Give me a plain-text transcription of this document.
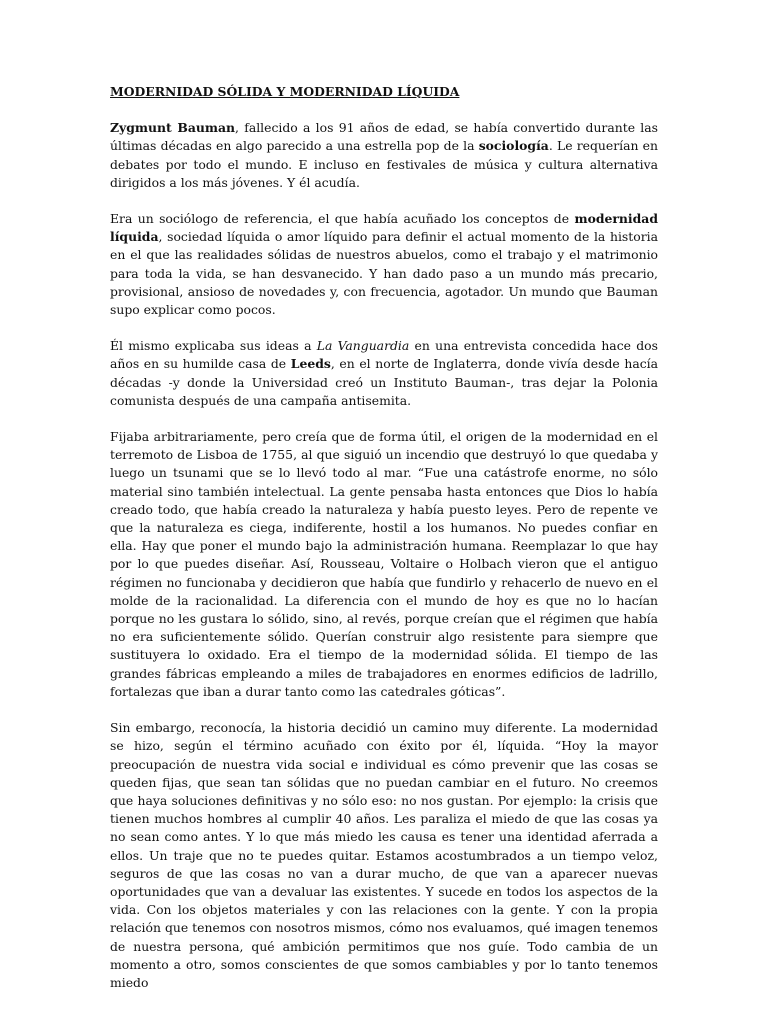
MODERNIDAD SÓLIDA Y MODERNIDAD LÍQUIDA

Zygmunt Bauman, fallecido a los 91 años de edad, se había convertido durante las últimas décadas en algo parecido a una estrella pop de la sociología. Le requerían en debates por todo el mundo. E incluso en festivales de música y cultura alternativa dirigidos a los más jóvenes. Y él acudía.

Era un sociólogo de referencia, el que había acuñado los conceptos de modernidad líquida, sociedad líquida o amor líquido para definir el actual momento de la historia en el que las realidades sólidas de nuestros abuelos, como el trabajo y el matrimonio para toda la vida, se han desvanecido. Y han dado paso a un mundo más precario, provisional, ansioso de novedades y, con frecuencia, agotador. Un mundo que Bauman supo explicar como pocos.

Él mismo explicaba sus ideas a La Vanguardia en una entrevista concedida hace dos años en su humilde casa de Leeds, en el norte de Inglaterra, donde vivía desde hacía décadas -y donde la Universidad creó un Instituto Bauman-, tras dejar la Polonia comunista después de una campaña antisemita.

Fijaba arbitrariamente, pero creía que de forma útil, el origen de la modernidad en el terremoto de Lisboa de 1755, al que siguió un incendio que destruyó lo que quedaba y luego un tsunami que se lo llevó todo al mar. “Fue una catástrofe enorme, no sólo material sino también intelectual. La gente pensaba hasta entonces que Dios lo había creado todo, que había creado la naturaleza y había puesto leyes. Pero de repente ve que la naturaleza es ciega, indiferente, hostil a los humanos. No puedes confiar en ella. Hay que poner el mundo bajo la administración humana. Reemplazar lo que hay por lo que puedes diseñar. Así, Rousseau, Voltaire o Holbach vieron que el antiguo régimen no funcionaba y decidieron que había que fundirlo y rehacerlo de nuevo en el molde de la racionalidad. La diferencia con el mundo de hoy es que no lo hacían porque no les gustara lo sólido, sino, al revés, porque creían que el régimen que había no era suficientemente sólido. Querían construir algo resistente para siempre que sustituyera lo oxidado. Era el tiempo de la modernidad sólida. El tiempo de las grandes fábricas empleando a miles de trabajadores en enormes edificios de ladrillo, fortalezas que iban a durar tanto como las catedrales góticas”.

Sin embargo, reconocía, la historia decidió un camino muy diferente. La modernidad se hizo, según el término acuñado con éxito por él, líquida. “Hoy la mayor preocupación de nuestra vida social e individual es cómo prevenir que las cosas se queden fijas, que sean tan sólidas que no puedan cambiar en el futuro. No creemos que haya soluciones definitivas y no sólo eso: no nos gustan. Por ejemplo: la crisis que tienen muchos hombres al cumplir 40 años. Les paraliza el miedo de que las cosas ya no sean como antes. Y lo que más miedo les causa es tener una identidad aferrada a ellos. Un traje que no te puedes quitar. Estamos acostumbrados a un tiempo veloz, seguros de que las cosas no van a durar mucho, de que van a aparecer nuevas oportunidades que van a devaluar las existentes. Y sucede en todos los aspectos de la vida. Con los objetos materiales y con las relaciones con la gente. Y con la propia relación que tenemos con nosotros mismos, cómo nos evaluamos, qué imagen tenemos de nuestra persona, qué ambición permitimos que nos guíe. Todo cambia de un momento a otro, somos conscientes de que somos cambiables y por lo tanto tenemos miedo
